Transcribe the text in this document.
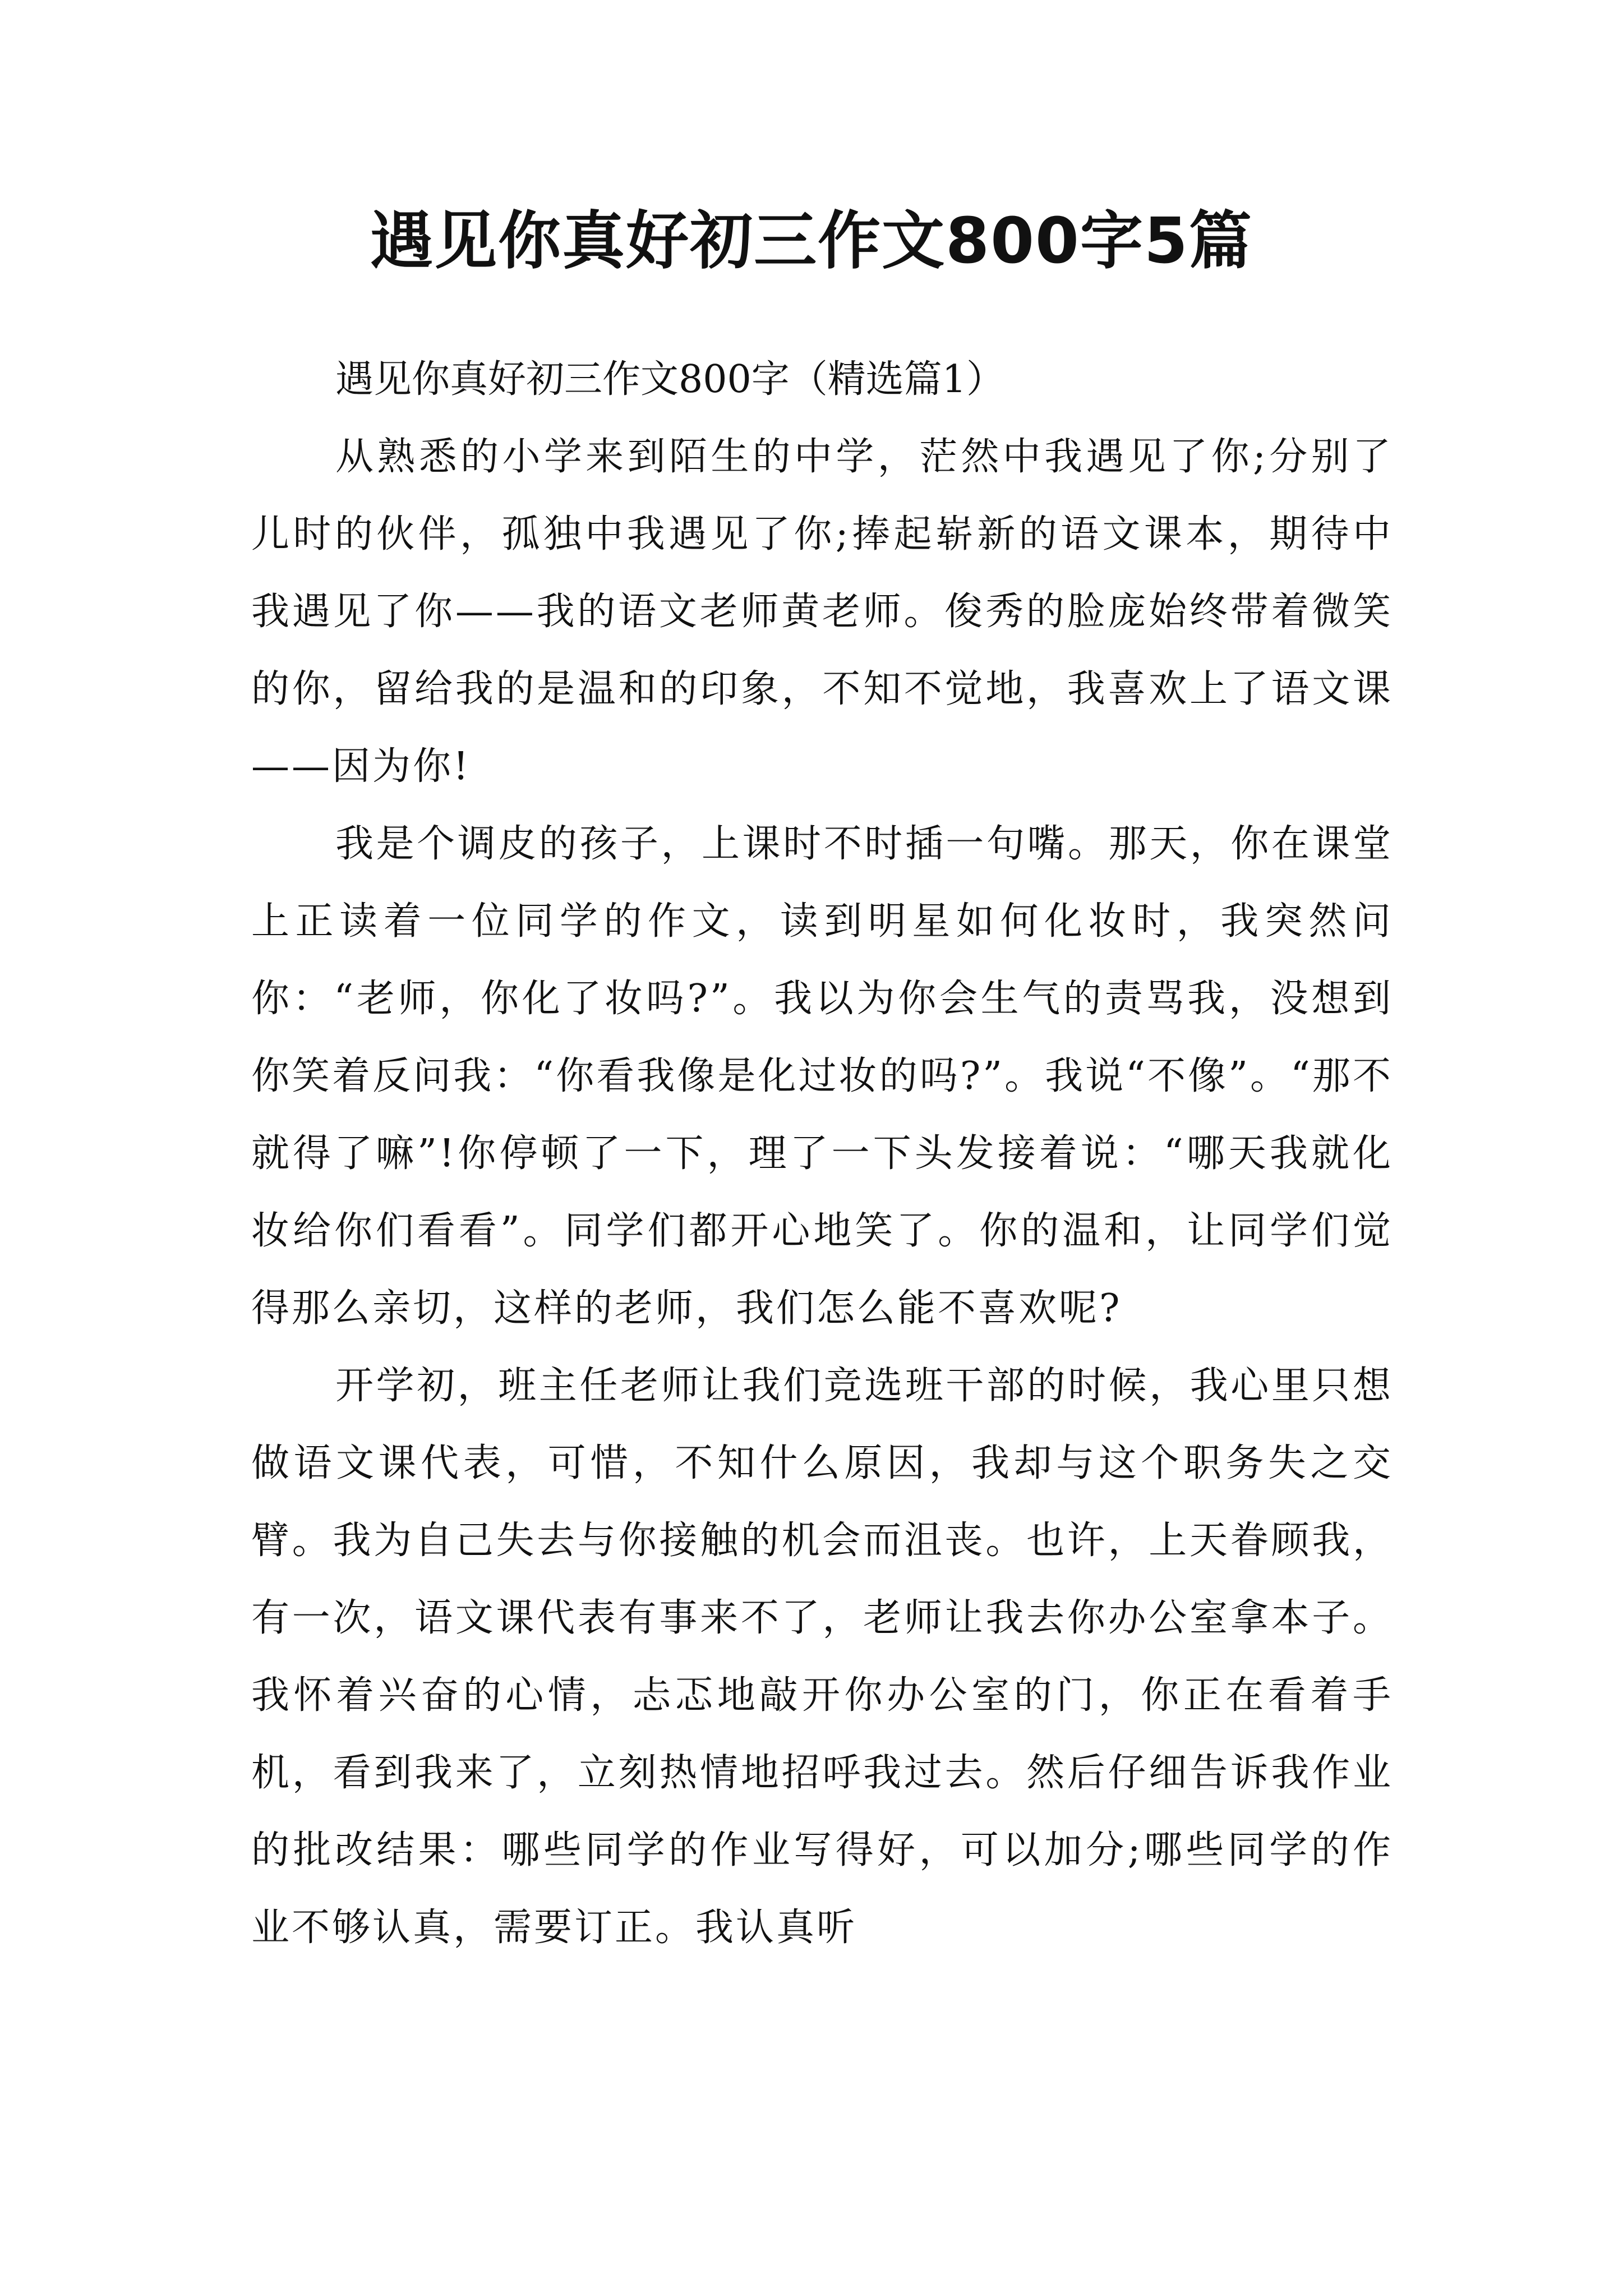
遇见你真好初三作文800字5篇

遇见你真好初三作文800字（精选篇1）

从熟悉的小学来到陌生的中学，茫然中我遇见了你;分别了儿时的伙伴，孤独中我遇见了你;捧起崭新的语文课本，期待中我遇见了你——我的语文老师黄老师。俊秀的脸庞始终带着微笑的你，留给我的是温和的印象，不知不觉地，我喜欢上了语文课——因为你!

我是个调皮的孩子，上课时不时插一句嘴。那天，你在课堂上正读着一位同学的作文，读到明星如何化妆时，我突然问你：“老师，你化了妆吗?”。我以为你会生气的责骂我，没想到你笑着反问我：“你看我像是化过妆的吗?”。我说“不像”。“那不就得了嘛”!你停顿了一下，理了一下头发接着说：“哪天我就化妆给你们看看”。同学们都开心地笑了。你的温和，让同学们觉得那么亲切，这样的老师，我们怎么能不喜欢呢?

开学初，班主任老师让我们竞选班干部的时候，我心里只想做语文课代表，可惜，不知什么原因，我却与这个职务失之交臂。我为自己失去与你接触的机会而沮丧。也许，上天眷顾我，有一次，语文课代表有事来不了，老师让我去你办公室拿本子。我怀着兴奋的心情，忐忑地敲开你办公室的门，你正在看着手机，看到我来了，立刻热情地招呼我过去。然后仔细告诉我作业的批改结果：哪些同学的作业写得好，可以加分;哪些同学的作业不够认真，需要订正。我认真听
